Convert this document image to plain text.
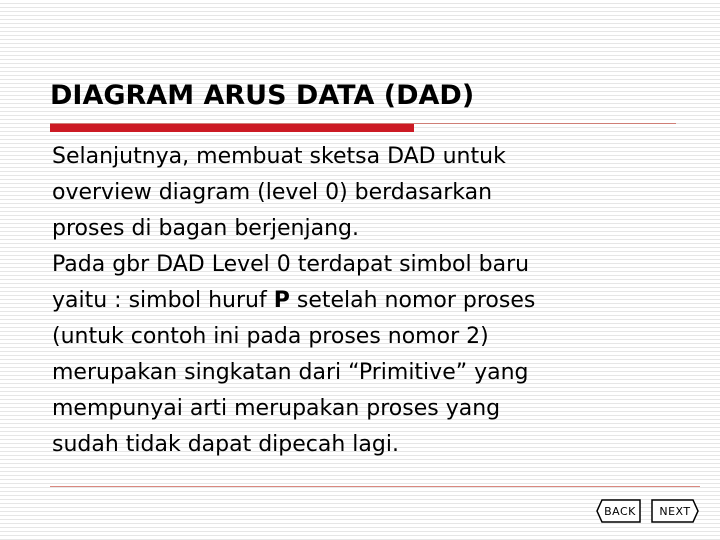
DIAGRAM ARUS DATA (DAD)
Selanjutnya, membuat sketsa DAD untuk
overview diagram (level 0) berdasarkan
proses di bagan berjenjang.
Pada gbr DAD Level 0 terdapat simbol baru
yaitu : simbol huruf P setelah nomor proses
(untuk contoh ini pada proses nomor 2)
merupakan singkatan dari “Primitive” yang
mempunyai arti merupakan proses yang
sudah tidak dapat dipecah lagi.
BACK NEXT
